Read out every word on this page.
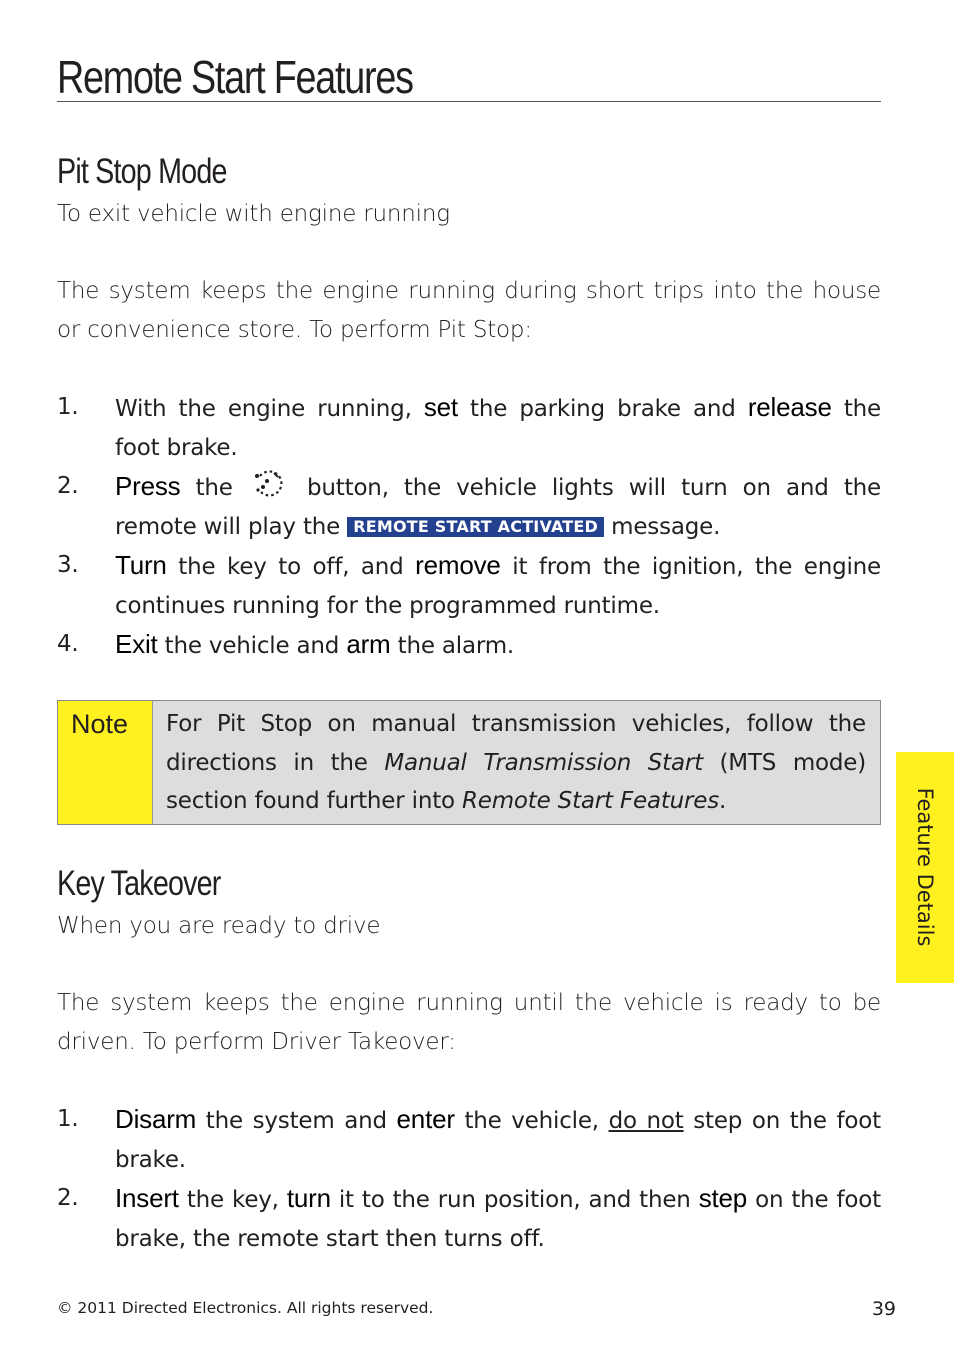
Remote Start Features
Pit Stop Mode
To exit vehicle with engine running
The system keeps the engine running during short trips into the house or convenience store. To perform Pit Stop:
1. With the engine running, set the parking brake and release the foot brake.
2. Press the  button, the vehicle lights will turn on and the remote will play the REMOTE START ACTIVATED message.
3. Turn the key to off, and remove it from the ignition, the engine continues running for the programmed runtime.
4. Exit the vehicle and arm the alarm.
Note	For Pit Stop on manual transmission vehicles, follow the directions in the Manual Transmission Start (MTS mode) section found further into Remote Start Features.
Key Takeover
When you are ready to drive
The system keeps the engine running until the vehicle is ready to be driven. To perform Driver Takeover:
1. Disarm the system and enter the vehicle, do not step on the foot brake.
2. Insert the key, turn it to the run position, and then step on the foot brake, the remote start then turns off.
Feature Details
© 2011 Directed Electronics. All rights reserved.	39
